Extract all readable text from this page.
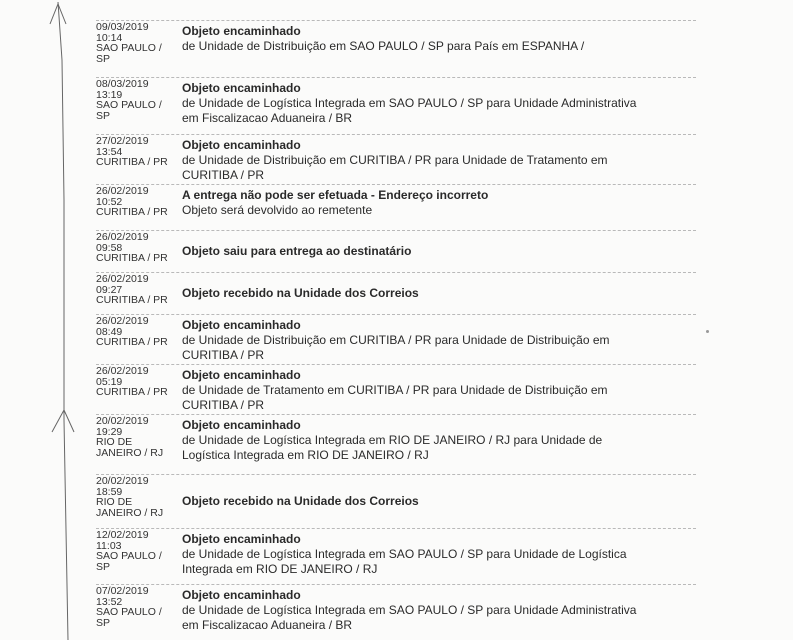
09/03/2019
10:14
SAO PAULO /
SP
Objeto encaminhado
de Unidade de Distribuição em SAO PAULO / SP para País em ESPANHA /
08/03/2019
13:19
SAO PAULO /
SP
Objeto encaminhado
de Unidade de Logística Integrada em SAO PAULO / SP para Unidade Administrativa
em Fiscalizacao Aduaneira / BR
27/02/2019
13:54
CURITIBA / PR
Objeto encaminhado
de Unidade de Distribuição em CURITIBA / PR para Unidade de Tratamento em
CURITIBA / PR
26/02/2019
10:52
CURITIBA / PR
A entrega não pode ser efetuada - Endereço incorreto
Objeto será devolvido ao remetente
26/02/2019
09:58
CURITIBA / PR	Objeto saiu para entrega ao destinatário
26/02/2019
09:27
CURITIBA / PR	Objeto recebido na Unidade dos Correios
26/02/2019
08:49
CURITIBA / PR
Objeto encaminhado
de Unidade de Distribuição em CURITIBA / PR para Unidade de Distribuição em
CURITIBA / PR
26/02/2019
05:19
CURITIBA / PR
Objeto encaminhado
de Unidade de Tratamento em CURITIBA / PR para Unidade de Distribuição em
CURITIBA / PR
20/02/2019
19:29
RIO DE
JANEIRO / RJ
Objeto encaminhado
de Unidade de Logística Integrada em RIO DE JANEIRO / RJ para Unidade de
Logística Integrada em RIO DE JANEIRO / RJ
20/02/2019
18:59
RIO DE
JANEIRO / RJ
Objeto recebido na Unidade dos Correios
12/02/2019
11:03
SAO PAULO /
SP
Objeto encaminhado
de Unidade de Logística Integrada em SAO PAULO / SP para Unidade de Logística
Integrada em RIO DE JANEIRO / RJ
07/02/2019
13:52
SAO PAULO /
SP
Objeto encaminhado
de Unidade de Logística Integrada em SAO PAULO / SP para Unidade Administrativa
em Fiscalizacao Aduaneira / BR
